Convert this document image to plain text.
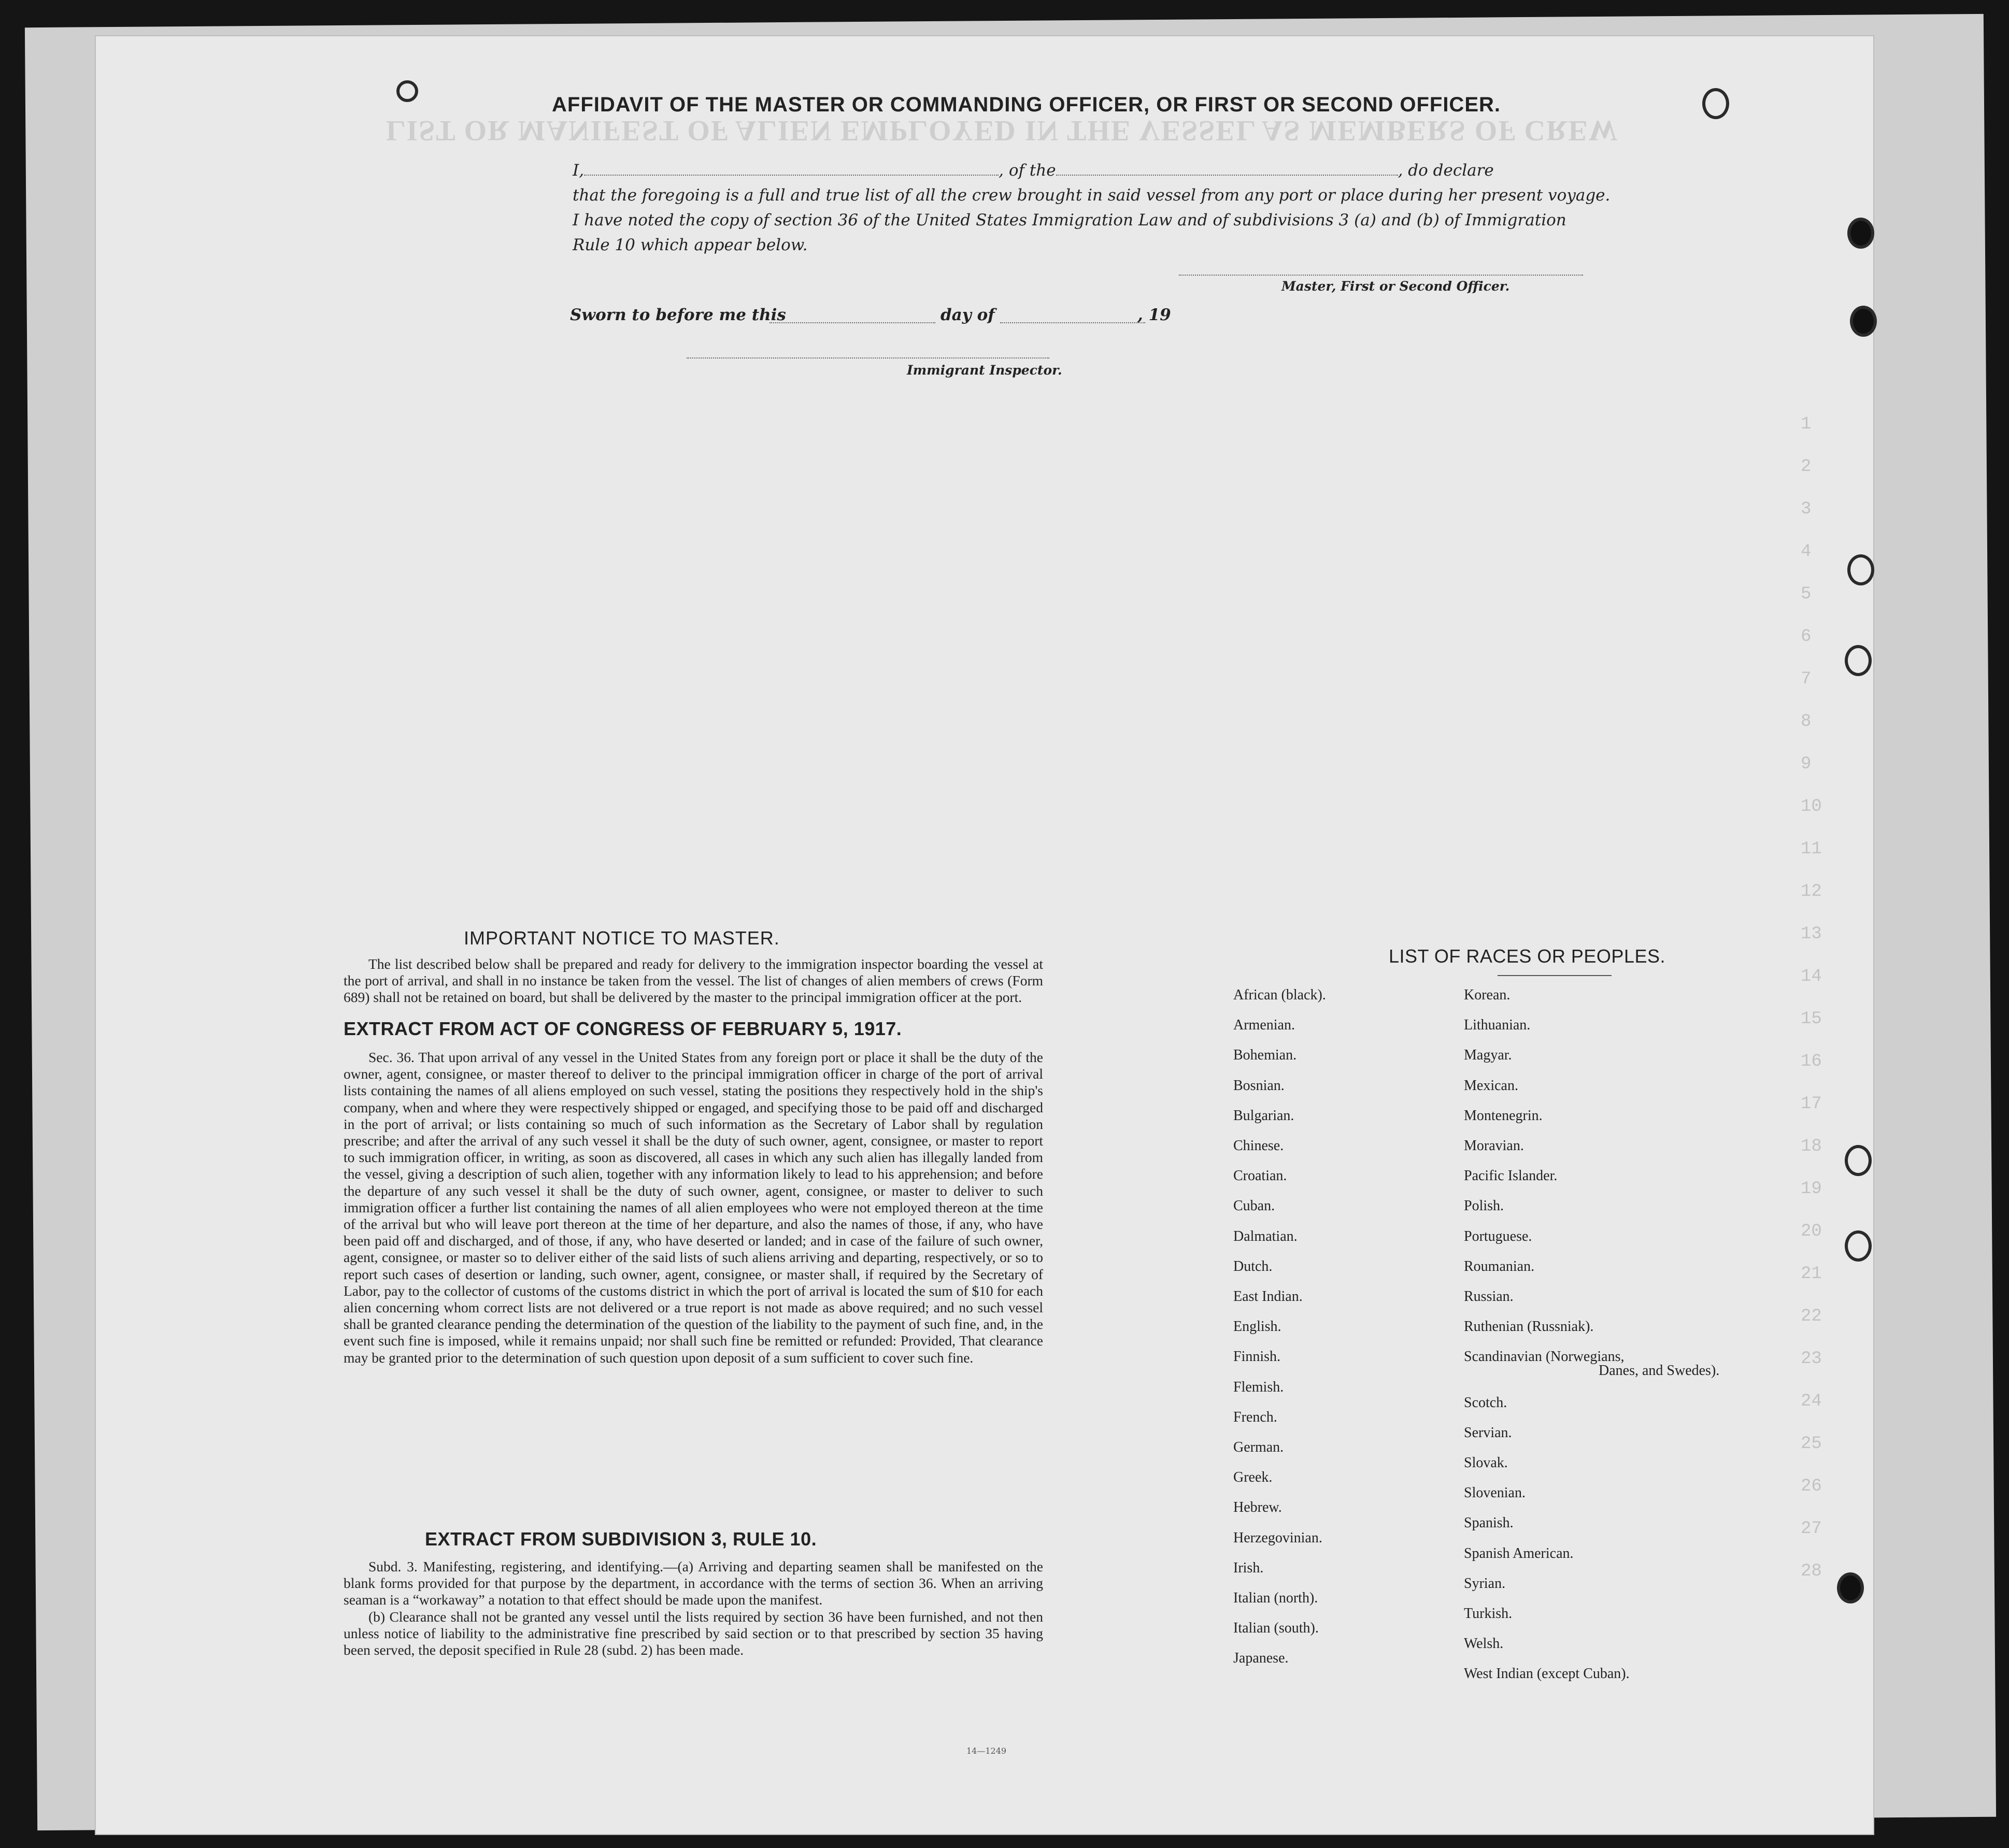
LIST OR MANIFEST OF ALIEN EMPLOYED IN THE VESSEL AS MEMBERS OF CREW
1
2
3
4
5
6
7
8
9
10
11
12
13
14
15
16
17
18
19
20
21
22
23
24
25
26
27
28
AFFIDAVIT OF THE MASTER OR COMMANDING OFFICER, OR FIRST OR SECOND OFFICER.
I,	, of the	, do declare
that the foregoing is a full and true list of all the crew brought in said vessel from any port or place during her present voyage.
I have noted the copy of section 36 of the United States Immigration Law and of subdivisions 3 (a) and (b) of Immigration
Rule 10 which appear below.
Master, First or Second Officer.
Sworn to before me this	day of	, 19
Immigrant Inspector.
IMPORTANT NOTICE TO MASTER.

The list described below shall be prepared and ready for delivery to the immigration inspector boarding the vessel at the port of arrival, and shall in no instance be taken from the vessel. The list of changes of alien members of crews (Form 689) shall not be retained on board, but shall be delivered by the master to the principal immigration officer at the port.

EXTRACT FROM ACT OF CONGRESS OF FEBRUARY 5, 1917.

Sec. 36. That upon arrival of any vessel in the United States from any foreign port or place it shall be the duty of the owner, agent, consignee, or master thereof to deliver to the principal immigration officer in charge of the port of arrival lists containing the names of all aliens employed on such vessel, stating the positions they respectively hold in the ship's company, when and where they were respectively shipped or engaged, and specifying those to be paid off and discharged in the port of arrival; or lists containing so much of such information as the Secretary of Labor shall by regulation prescribe; and after the arrival of any such vessel it shall be the duty of such owner, agent, consignee, or master to report to such immigration officer, in writing, as soon as discovered, all cases in which any such alien has illegally landed from the vessel, giving a description of such alien, together with any information likely to lead to his apprehension; and before the departure of any such vessel it shall be the duty of such owner, agent, consignee, or master to deliver to such immigration officer a further list containing the names of all alien employees who were not employed thereon at the time of the arrival but who will leave port thereon at the time of her departure, and also the names of those, if any, who have been paid off and discharged, and of those, if any, who have deserted or landed; and in case of the failure of such owner, agent, consignee, or master so to deliver either of the said lists of such aliens arriving and departing, respectively, or so to report such cases of desertion or landing, such owner, agent, consignee, or master shall, if required by the Secretary of Labor, pay to the collector of customs of the customs district in which the port of arrival is located the sum of $10 for each alien concerning whom correct lists are not delivered or a true report is not made as above required; and no such vessel shall be granted clearance pending the determination of the question of the liability to the payment of such fine, and, in the event such fine is imposed, while it remains unpaid; nor shall such fine be remitted or refunded: Provided, That clearance may be granted prior to the determination of such question upon deposit of a sum sufficient to cover such fine.

EXTRACT FROM SUBDIVISION 3, RULE 10.

Subd. 3. Manifesting, registering, and identifying.—(a) Arriving and departing seamen shall be manifested on the blank forms provided for that purpose by the department, in accordance with the terms of section 36. When an arriving seaman is a “workaway” a notation to that effect should be made upon the manifest.

(b) Clearance shall not be granted any vessel until the lists required by section 36 have been furnished, and not then unless notice of liability to the administrative fine prescribed by said section or to that prescribed by section 35 having been served, the deposit specified in Rule 28 (subd. 2) has been made.

14—1249
LIST OF RACES OR PEOPLES.
African (black).
Armenian.
Bohemian.
Bosnian.
Bulgarian.
Chinese.
Croatian.
Cuban.
Dalmatian.
Dutch.
East Indian.
English.
Finnish.
Flemish.
French.
German.
Greek.
Hebrew.
Herzegovinian.
Irish.
Italian (north).
Italian (south).
Japanese.
Korean.
Lithuanian.
Magyar.
Mexican.
Montenegrin.
Moravian.
Pacific Islander.
Polish.
Portuguese.
Roumanian.
Russian.
Ruthenian (Russniak).
Scandinavian (Norwegians,
Scotch.
Servian.
Slovak.
Slovenian.
Spanish.
Spanish American.
Syrian.
Turkish.
Welsh.
West Indian (except Cuban).
Danes, and Swedes).
